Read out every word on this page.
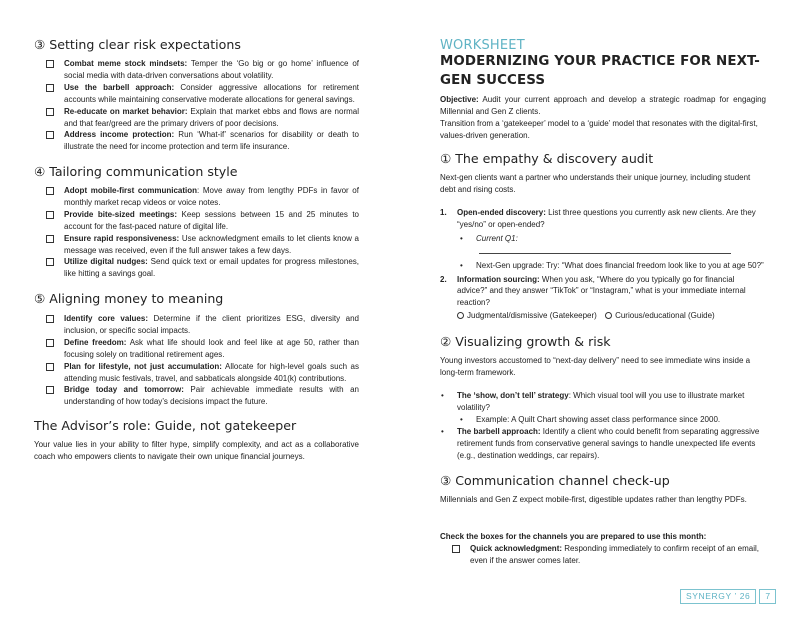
③ Setting clear risk expectations
Combat meme stock mindsets: Temper the ‘Go big or go home’ influence of social media with data-driven conversations about volatility.
Use the barbell approach: Consider aggressive allocations for retirement accounts while maintaining conservative moderate allocations for general savings.
Re-educate on market behavior: Explain that market ebbs and flows are normal and that fear/greed are the primary drivers of poor decisions.
Address income protection: Run ‘What-if’ scenarios for disability or death to illustrate the need for income protection and term life insurance.
④ Tailoring communication style
Adopt mobile-first communication: Move away from lengthy PDFs in favor of monthly market recap videos or voice notes.
Provide bite-sized meetings: Keep sessions between 15 and 25 minutes to account for the fast-paced nature of digital life.
Ensure rapid responsiveness: Use acknowledgment emails to let clients know a message was received, even if the full answer takes a few days.
Utilize digital nudges: Send quick text or email updates for progress milestones, like hitting a savings goal.
⑤ Aligning money to meaning
Identify core values: Determine if the client prioritizes ESG, diversity and inclusion, or specific social impacts.
Define freedom: Ask what life should look and feel like at age 50, rather than focusing solely on traditional retirement ages.
Plan for lifestyle, not just accumulation: Allocate for high-level goals such as attending music festivals, travel, and sabbaticals alongside 401(k) contributions.
Bridge today and tomorrow: Pair achievable immediate results with an understanding of how today’s decisions impact the future.
The Advisor’s role: Guide, not gatekeeper

Your value lies in your ability to filter hype, simplify complexity, and act as a collaborative coach who empowers clients to navigate their own unique financial journeys.

WORKSHEET

MODERNIZING YOUR PRACTICE FOR NEXT-GEN SUCCESS

Objective: Audit your current approach and develop a strategic roadmap for engaging Millennial and Gen Z clients.

Transition from a ‘gatekeeper’ model to a ‘guide’ model that resonates with the digital-first, values-driven generation.

① The empathy & discovery audit

Next-gen clients want a partner who understands their unique journey, including student debt and rising costs.

1. Open-ended discovery: List three questions you currently ask new clients. Are they “yes/no” or open-ended?
• Current Q1:
• Next-Gen upgrade: Try: “What does financial freedom look like to you at age 50?”
2. Information sourcing: When you ask, “Where do you typically go for financial advice?” and they answer “TikTok” or “Instagram,” what is your immediate internal reaction?
Judgmental/dismissive (Gatekeeper) Curious/educational (Guide)
② Visualizing growth & risk

Young investors accustomed to “next-day delivery” need to see immediate wins inside a long-term framework.

• The ‘show, don’t tell’ strategy: Which visual tool will you use to illustrate market volatility?
• Example: A Quilt Chart showing asset class performance since 2000.
• The barbell approach: Identify a client who could benefit from separating aggressive retirement funds from conservative general savings to handle unexpected life events (e.g., destination weddings, car repairs).
③ Communication channel check-up

Millennials and Gen Z expect mobile-first, digestible updates rather than lengthy PDFs.

Check the boxes for the channels you are prepared to use this month:

Quick acknowledgment: Responding immediately to confirm receipt of an email, even if the answer comes later.
SYNERGY ’ 26	7
